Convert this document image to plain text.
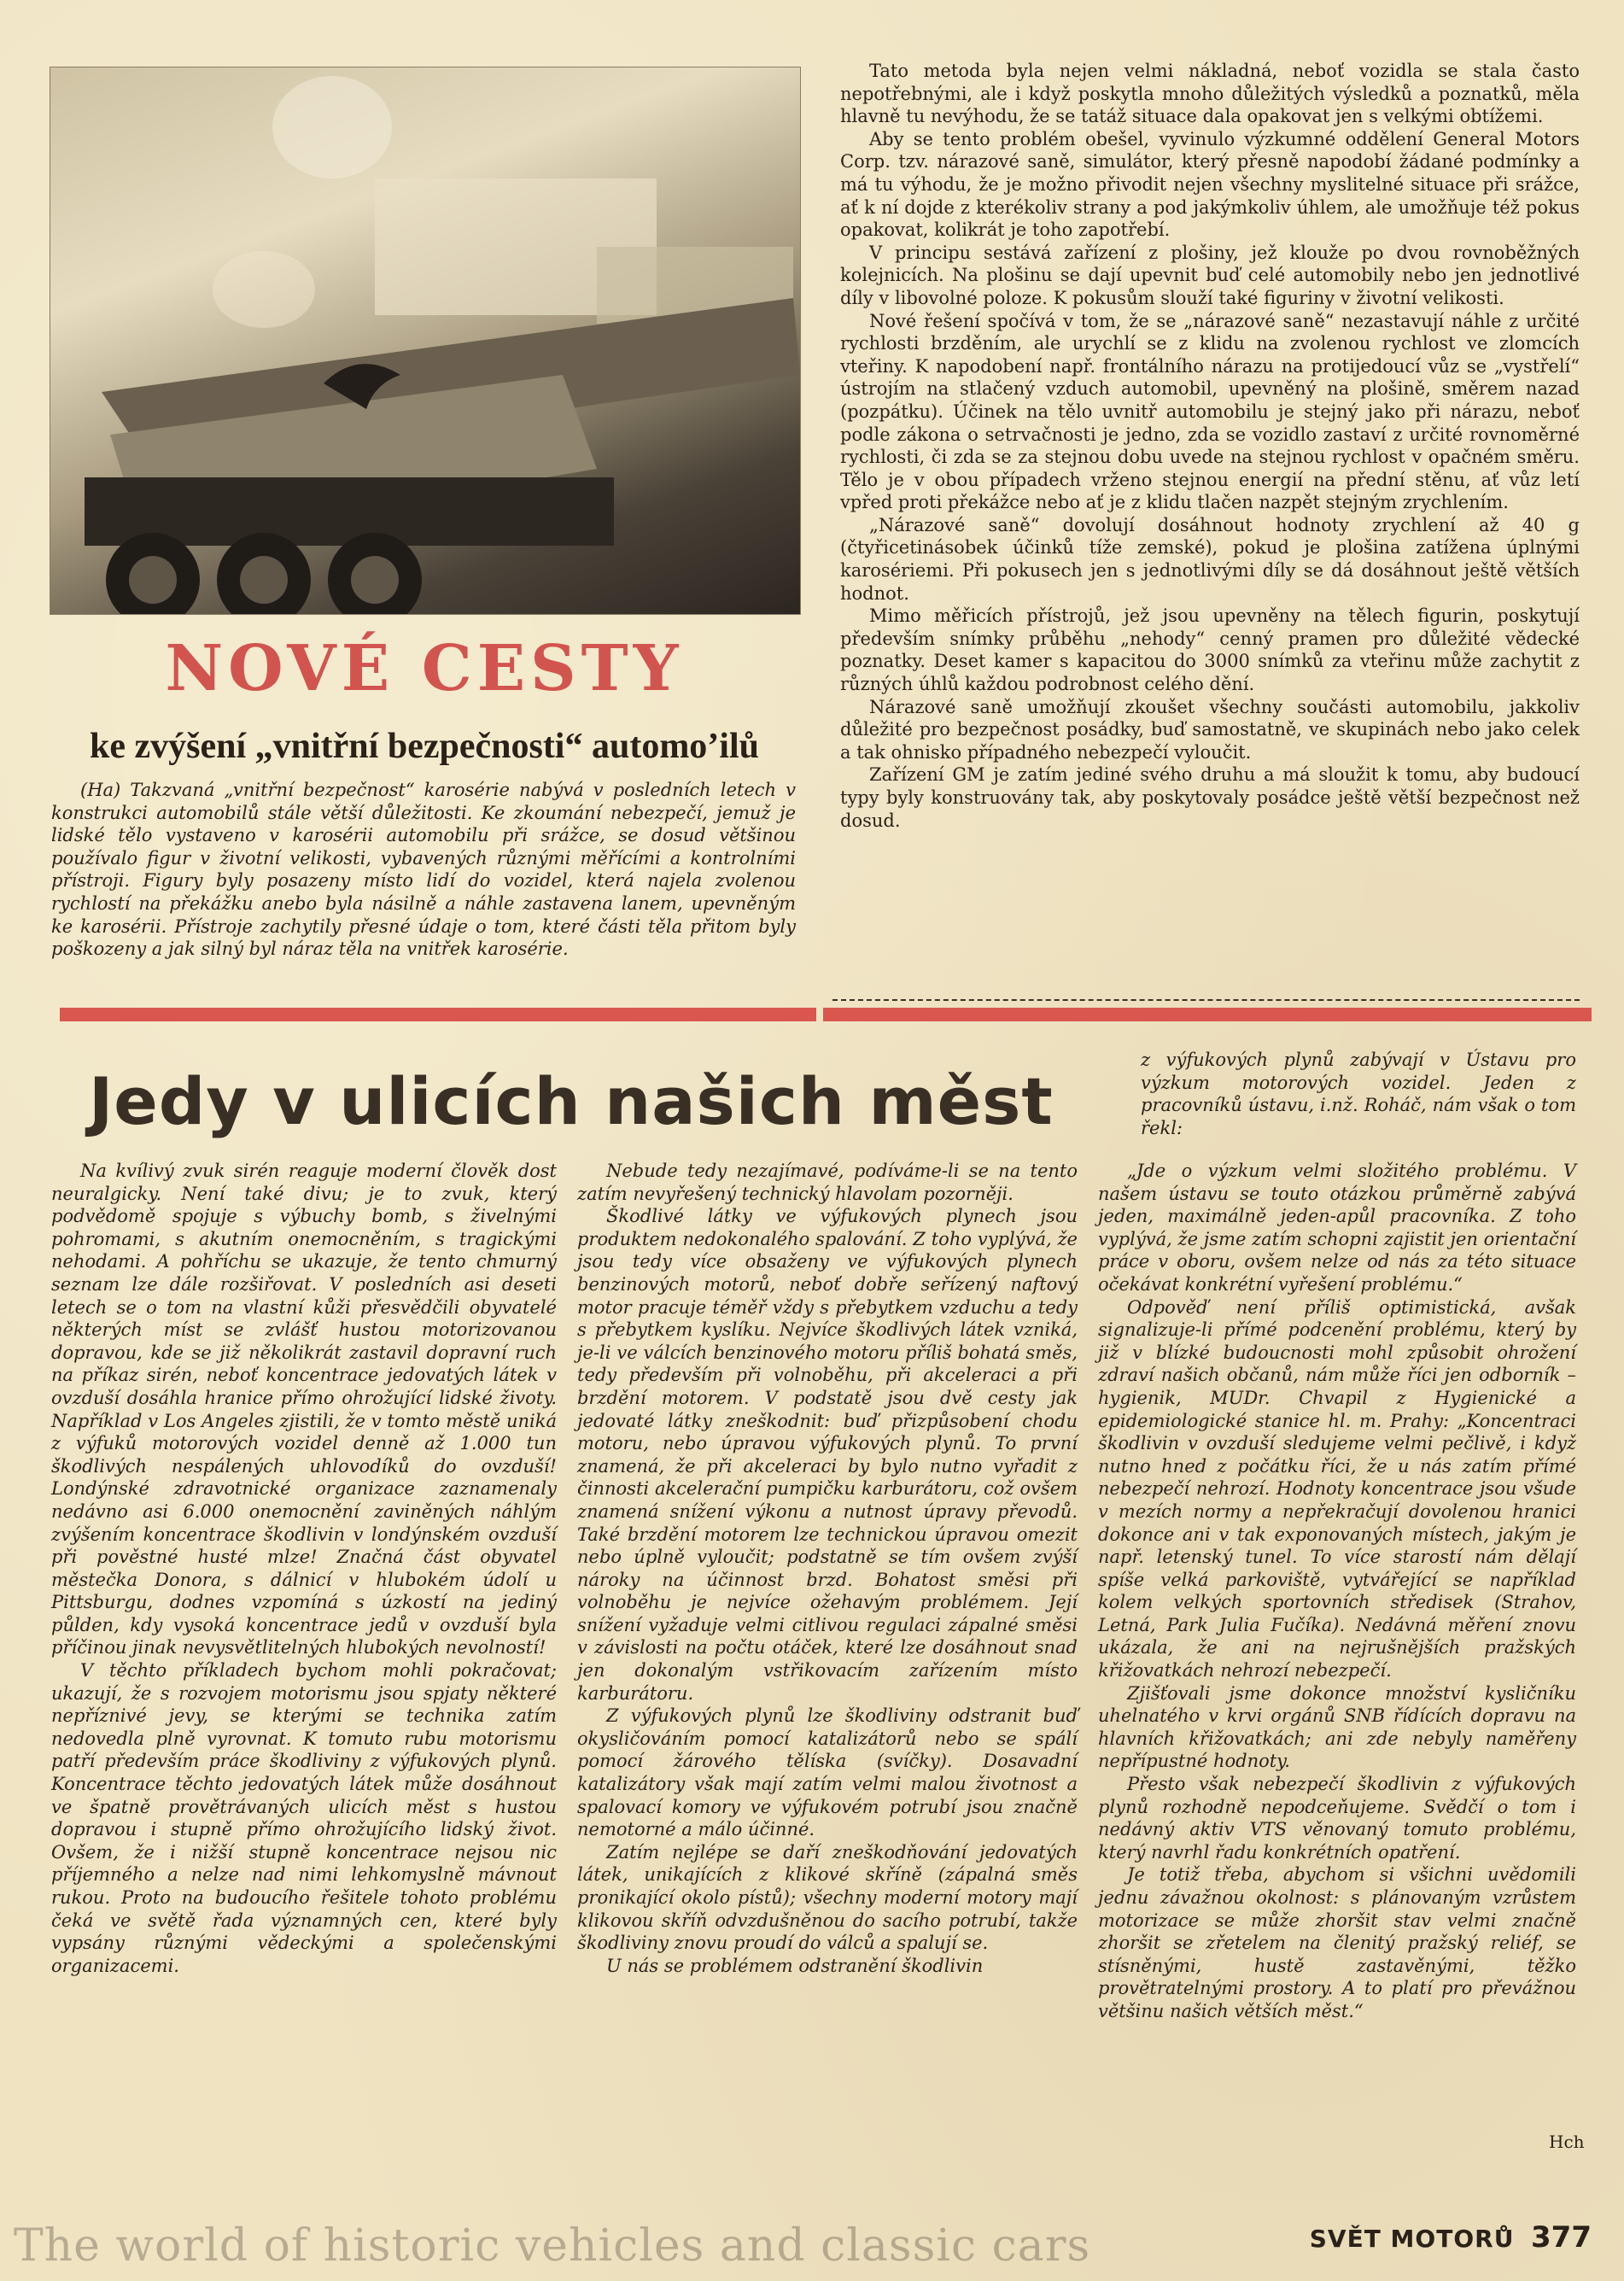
NOVÉ CESTY
ke zvýšení „vnitřní bezpečnosti“ automo’ilů

(Ha) Takzvaná „vnitřní bezpečnost“ karosérie nabývá v posledních letech v konstrukci automobilů stále větší důležitosti. Ke zkoumání nebezpečí, jemuž je lidské tělo vystaveno v karosérii automobilu při srážce, se dosud většinou používalo figur v životní velikosti, vybavených různými měřícími a kontrolními přístroji. Figury byly posazeny místo lidí do vozidel, která najela zvolenou rychlostí na překážku anebo byla násilně a náhle zastavena lanem, upevněným ke karosérii. Přístroje zachytily přesné údaje o tom, které části těla přitom byly poškozeny a jak silný byl náraz těla na vnitřek karosérie.

Tato metoda byla nejen velmi nákladná, neboť vozidla se stala často nepotřebnými, ale i když poskytla mnoho důležitých výsledků a poznatků, měla hlavně tu nevýhodu, že se tatáž situace dala opakovat jen s velkými obtížemi.

Aby se tento problém obešel, vyvinulo výzkumné oddělení General Motors Corp. tzv. nárazové saně, simulátor, který přesně napodobí žádané podmínky a má tu výhodu, že je možno přivodit nejen všechny myslitelné situace při srážce, ať k ní dojde z kterékoliv strany a pod jakýmkoliv úhlem, ale umožňuje též pokus opakovat, kolikrát je toho zapotřebí.

V principu sestává zařízení z plošiny, jež klouže po dvou rovnoběžných kolejnicích. Na plošinu se dají upevnit buď celé automobily nebo jen jednotlivé díly v libovolné poloze. K pokusům slouží také figuriny v životní velikosti.

Nové řešení spočívá v tom, že se „nárazové saně“ nezastavují náhle z určité rychlosti brzděním, ale urychlí se z klidu na zvolenou rychlost ve zlomcích vteřiny. K napodobení např. frontálního nárazu na protijedoucí vůz se „vystřelí“ ústrojím na stlačený vzduch automobil, upevněný na plošině, směrem nazad (pozpátku). Účinek na tělo uvnitř automobilu je stejný jako při nárazu, neboť podle zákona o setrvačnosti je jedno, zda se vozidlo zastaví z určité rovnoměrné rychlosti, či zda se za stejnou dobu uvede na stejnou rychlost v opačném směru. Tělo je v obou případech vrženo stejnou energií na přední stěnu, ať vůz letí vpřed proti překážce nebo ať je z klidu tlačen nazpět stejným zrychlením.

„Nárazové saně“ dovolují dosáhnout hodnoty zrychlení až 40 g (čtyřicetinásobek účinků tíže zemské), pokud je plošina zatížena úplnými karosériemi. Při pokusech jen s jednotlivými díly se dá dosáhnout ještě větších hodnot.

Mimo měřicích přístrojů, jež jsou upevněny na tělech figurin, poskytují především snímky průběhu „nehody“ cenný pramen pro důležité vědecké poznatky. Deset kamer s kapacitou do 3000 snímků za vteřinu může zachytit z různých úhlů každou podrobnost celého dění.

Nárazové saně umožňují zkoušet všechny součásti automobilu, jakkoliv důležité pro bezpečnost posádky, buď samostatně, ve skupinách nebo jako celek a tak ohnisko případného nebezpečí vyloučit.

Zařízení GM je zatím jediné svého druhu a má sloužit k tomu, aby budoucí typy byly konstruovány tak, aby poskytovaly posádce ještě větší bezpečnost než dosud.

Jedy v ulicích našich měst

Na kvílivý zvuk sirén reaguje moderní člověk dost neuralgicky. Není také divu; je to zvuk, který podvědomě spojuje s výbuchy bomb, s živelnými pohromami, s akutním onemocněním, s tragickými nehodami. A pohříchu se ukazuje, že tento chmurný seznam lze dále rozšiřovat. V posledních asi deseti letech se o tom na vlastní kůži přesvědčili obyvatelé některých míst se zvlášť hustou motorizovanou dopravou, kde se již několikrát zastavil dopravní ruch na příkaz sirén, neboť koncentrace jedovatých látek v ovzduší dosáhla hranice přímo ohrožující lidské životy. Například v Los Angeles zjistili, že v tomto městě uniká z výfuků motorových vozidel denně až 1.000 tun škodlivých nespálených uhlovodíků do ovzduší! Londýnské zdravotnické organizace zaznamenaly nedávno asi 6.000 onemocnění zaviněných náhlým zvýšením koncentrace škodlivin v londýnském ovzduší při pověstné husté mlze! Značná část obyvatel městečka Donora, s dálnicí v hlubokém údolí u Pittsburgu, dodnes vzpomíná s úzkostí na jediný půlden, kdy vysoká koncentrace jedů v ovzduší byla příčinou jinak nevysvětlitelných hlubokých nevolností!

V těchto příkladech bychom mohli pokračovat; ukazují, že s rozvojem motorismu jsou spjaty některé nepříznivé jevy, se kterými se technika zatím nedovedla plně vyrovnat. K tomuto rubu motorismu patří především práce škodliviny z výfukových plynů. Koncentrace těchto jedovatých látek může dosáhnout ve špatně provětrávaných ulicích měst s hustou dopravou i stupně přímo ohrožujícího lidský život. Ovšem, že i nižší stupně koncentrace nejsou nic příjemného a nelze nad nimi lehkomyslně mávnout rukou. Proto na budoucího řešitele tohoto problému čeká ve světě řada významných cen, které byly vypsány různými vědeckými a společenskými organizacemi.

Nebude tedy nezajímavé, podíváme-li se na tento zatím nevyřešený technický hlavolam pozorněji.

Škodlivé látky ve výfukových plynech jsou produktem nedokonalého spalování. Z toho vyplývá, že jsou tedy více obsaženy ve výfukových plynech benzinových motorů, neboť dobře seřízený naftový motor pracuje téměř vždy s přebytkem vzduchu a tedy s přebytkem kyslíku. Nejvíce škodlivých látek vzniká, je-li ve válcích benzinového motoru příliš bohatá směs, tedy především při volnoběhu, při akceleraci a při brzdění motorem. V podstatě jsou dvě cesty jak jedovaté látky zneškodnit: buď přizpůsobení chodu motoru, nebo úpravou výfukových plynů. To první znamená, že při akceleraci by bylo nutno vyřadit z činnosti akcelerační pumpičku karburátoru, což ovšem znamená snížení výkonu a nutnost úpravy převodů. Také brzdění motorem lze technickou úpravou omezit nebo úplně vyloučit; podstatně se tím ovšem zvýší nároky na účinnost brzd. Bohatost směsi při volnoběhu je nejvíce ožehavým problémem. Její snížení vyžaduje velmi citlivou regulaci zápalné směsi v závislosti na počtu otáček, které lze dosáhnout snad jen dokonalým vstřikovacím zařízením místo karburátoru.

Z výfukových plynů lze škodliviny odstranit buď okysličováním pomocí katalizátorů nebo se spálí pomocí žárového tělíska (svíčky). Dosavadní katalizátory však mají zatím velmi malou životnost a spalovací komory ve výfukovém potrubí jsou značně nemotorné a málo účinné.

Zatím nejlépe se daří zneškodňování jedovatých látek, unikajících z klikové skříně (zápalná směs pronikající okolo pístů); všechny moderní motory mají klikovou skříň odvzdušněnou do sacího potrubí, takže škodliviny znovu proudí do válců a spalují se.

U nás se problémem odstranění škodlivin

z výfukových plynů zabývají v Ústavu pro výzkum motorových vozidel. Jeden z pracovníků ústavu, i.nž. Roháč, nám však o tom řekl:

„Jde o výzkum velmi složitého problému. V našem ústavu se touto otázkou průměrně zabývá jeden, maximálně jeden-apůl pracovníka. Z toho vyplývá, že jsme zatím schopni zajistit jen orientační práce v oboru, ovšem nelze od nás za této situace očekávat konkrétní vyřešení problému.“

Odpověď není příliš optimistická, avšak signalizuje-li přímé podcenění problému, který by již v blízké budoucnosti mohl způsobit ohrožení zdraví našich občanů, nám může říci jen odborník – hygienik, MUDr. Chvapil z Hygienické a epidemiologické stanice hl. m. Prahy: „Koncentraci škodlivin v ovzduší sledujeme velmi pečlivě, i když nutno hned z počátku říci, že u nás zatím přímé nebezpečí nehrozí. Hodnoty koncentrace jsou všude v mezích normy a nepřekračují dovolenou hranici dokonce ani v tak exponovaných místech, jakým je např. letenský tunel. To více starostí nám dělají spíše velká parkoviště, vytvářející se například kolem velkých sportovních středisek (Strahov, Letná, Park Julia Fučíka). Nedávná měření znovu ukázala, že ani na nejrušnějších pražských křižovatkách nehrozí nebezpečí.

Zjišťovali jsme dokonce množství kysličníku uhelnatého v krvi orgánů SNB řídících dopravu na hlavních křižovatkách; ani zde nebyly naměřeny nepřípustné hodnoty.

Přesto však nebezpečí škodlivin z výfukových plynů rozhodně nepodceňujeme. Svědčí o tom i nedávný aktiv VTS věnovaný tomuto problému, který navrhl řadu konkrétních opatření.

Je totiž třeba, abychom si všichni uvědomili jednu závažnou okolnost: s plánovaným vzrůstem motorizace se může zhoršit stav velmi značně zhoršit se zřetelem na členitý pražský reliéf, se stísněnými, hustě zastavěnými, těžko provětratelnými prostory. A to platí pro převážnou většinu našich větších měst.“

Hch
SVĚT MOTORŮ 377
The world of historic vehicles and classic cars
